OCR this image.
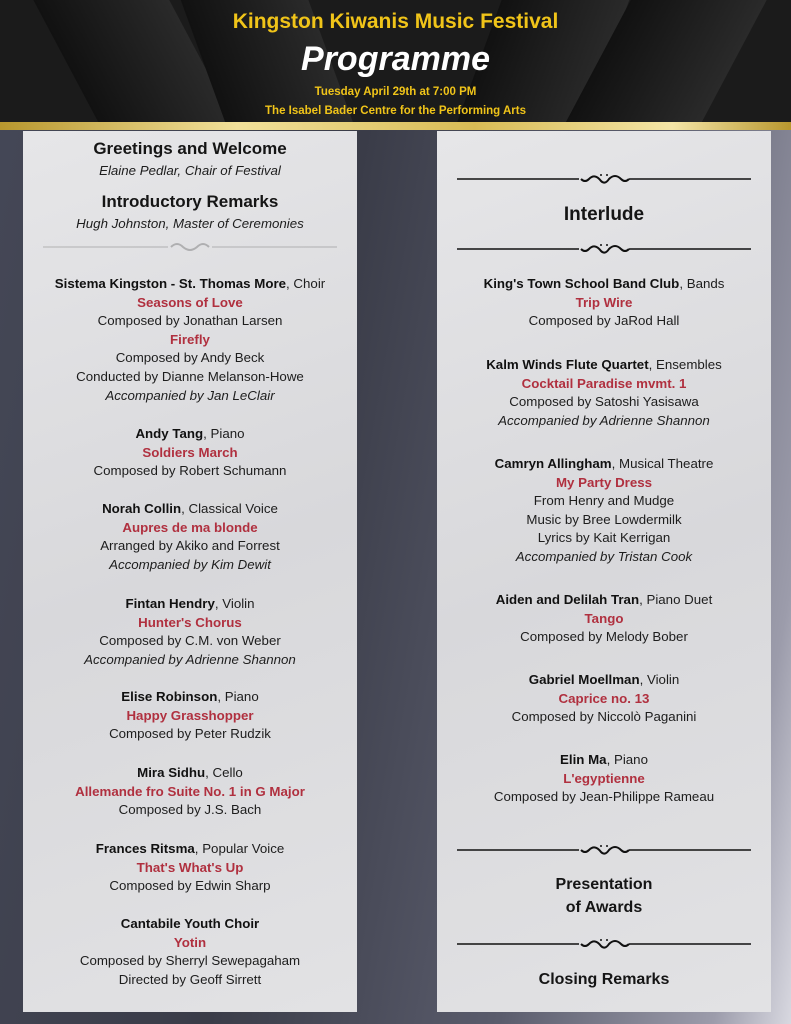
Kingston Kiwanis Music Festival
Programme
Tuesday April 29th at 7:00 PM
The Isabel Bader Centre for the Performing Arts
Greetings and Welcome
Elaine Pedlar, Chair of Festival
Introductory Remarks
Hugh Johnston, Master of Ceremonies
Sistema Kingston - St. Thomas More, Choir
Seasons of Love
Composed by Jonathan Larsen
Firefly
Composed by Andy Beck
Conducted by Dianne Melanson-Howe
Accompanied by Jan LeClair
Andy Tang, Piano
Soldiers March
Composed by Robert Schumann
Norah Collin, Classical Voice
Aupres de ma blonde
Arranged by Akiko and Forrest
Accompanied by Kim Dewit
Fintan Hendry, Violin
Hunter's Chorus
Composed by C.M. von Weber
Accompanied by Adrienne Shannon
Elise Robinson, Piano
Happy Grasshopper
Composed by Peter Rudzik
Mira Sidhu, Cello
Allemande fro Suite No. 1 in G Major
Composed by J.S. Bach
Frances Ritsma, Popular Voice
That's What's Up
Composed by Edwin Sharp
Cantabile Youth Choir
Yotin
Composed by Sherryl Sewepagaham
Directed by Geoff Sirrett
Interlude
Presentation
of Awards
Closing Remarks
King's Town School Band Club, Bands
Trip Wire
Composed by JaRod Hall
Kalm Winds Flute Quartet, Ensembles
Cocktail Paradise mvmt. 1
Composed by Satoshi Yasisawa
Accompanied by Adrienne Shannon
Camryn Allingham, Musical Theatre
My Party Dress
From Henry and Mudge
Music by Bree Lowdermilk
Lyrics by Kait Kerrigan
Accompanied by Tristan Cook
Aiden and Delilah Tran, Piano Duet
Tango
Composed by Melody Bober
Gabriel Moellman, Violin
Caprice no. 13
Composed by Niccolò Paganini
Elin Ma, Piano
L'egyptienne
Composed by Jean-Philippe Rameau
